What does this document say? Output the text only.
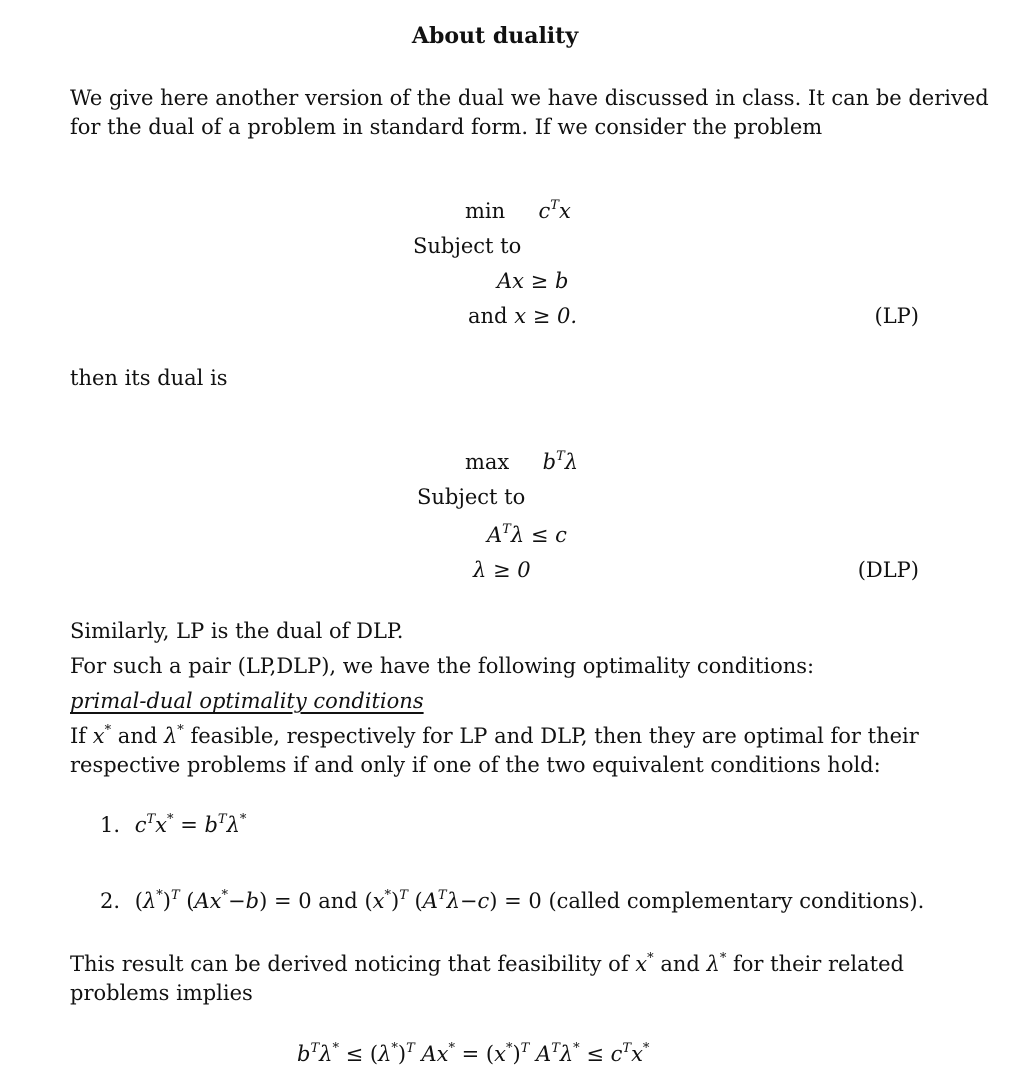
About duality
We give here another version of the dual we have discussed in class. It can be derived
for the dual of a problem in standard form. If we consider the problem
$\min c^Tx$
Subject to
Ax ≥ b
and x ≥ 0.	(LP)
then its dual is
$\max b^T\lambda$
Subject to
$A^T\lambda \le c$
λ ≥ 0	(DLP)
Similarly, LP is the dual of DLP.
For such a pair (LP,DLP), we have the following optimality conditions:
primal-dual optimality conditions
If x* and λ* feasible, respectively for LP and DLP, then they are optimal for their
respective problems if and only if one of the two equivalent conditions hold:
1. $c^Tx^* = b^T\lambda^*$
2. $(\lambda^*)^T$ (Ax*−b) = 0 and $(x^*)^T$ $(A^T\lambda-c) = 0$ (called complementary conditions).
This result can be derived noticing that feasibility of x* and λ* for their related
problems implies
$b^T\lambda^* \le (\lambda^*)^T$ $Ax^* = (x^*)^T$ $A^T\lambda^* \le c^Tx^*$
